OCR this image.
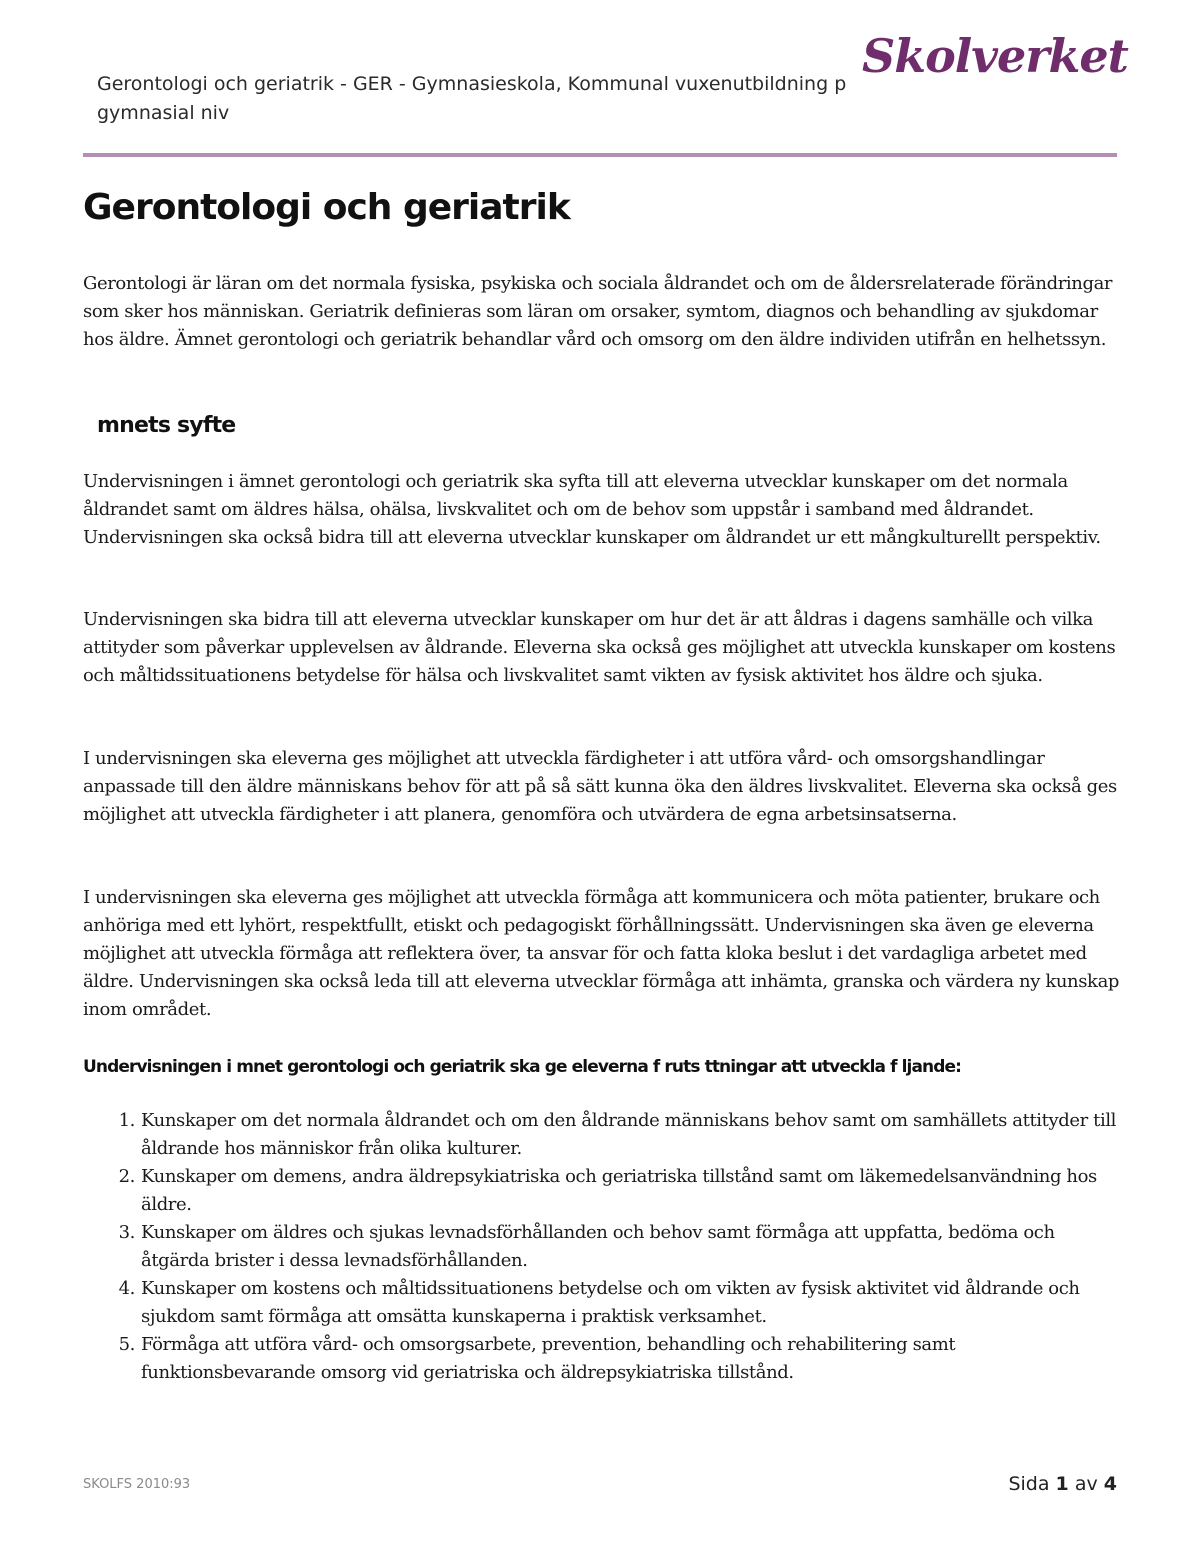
Gerontologi och geriatrik - GER - Gymnasieskola, Kommunal vuxenutbildning p gymnasial niv
Skolverket
Gerontologi och geriatrik

Gerontologi är läran om det normala fysiska, psykiska och sociala åldrandet och om de åldersrelaterade förändringar som sker hos människan. Geriatrik definieras som läran om orsaker, symtom, diagnos och behandling av sjukdomar hos äldre. Ämnet gerontologi och geriatrik behandlar vård och omsorg om den äldre individen utifrån en helhetssyn.

mnets syfte

Undervisningen i ämnet gerontologi och geriatrik ska syfta till att eleverna utvecklar kunskaper om det normala åldrandet samt om äldres hälsa, ohälsa, livskvalitet och om de behov som uppstår i samband med åldrandet. Undervisningen ska också bidra till att eleverna utvecklar kunskaper om åldrandet ur ett mångkulturellt perspektiv.

Undervisningen ska bidra till att eleverna utvecklar kunskaper om hur det är att åldras i dagens samhälle och vilka attityder som påverkar upplevelsen av åldrande. Eleverna ska också ges möjlighet att utveckla kunskaper om kostens och måltidssituationens betydelse för hälsa och livskvalitet samt vikten av fysisk aktivitet hos äldre och sjuka.

I undervisningen ska eleverna ges möjlighet att utveckla färdigheter i att utföra vård- och omsorgshandlingar anpassade till den äldre människans behov för att på så sätt kunna öka den äldres livskvalitet. Eleverna ska också ges möjlighet att utveckla färdigheter i att planera, genomföra och utvärdera de egna arbetsinsatserna.

I undervisningen ska eleverna ges möjlighet att utveckla förmåga att kommunicera och möta patienter, brukare och anhöriga med ett lyhört, respektfullt, etiskt och pedagogiskt förhållningssätt. Undervisningen ska även ge eleverna möjlighet att utveckla förmåga att reflektera över, ta ansvar för och fatta kloka beslut i det vardagliga arbetet med äldre. Undervisningen ska också leda till att eleverna utvecklar förmåga att inhämta, granska och värdera ny kunskap inom området.

Undervisningen i mnet gerontologi och geriatrik ska ge eleverna f ruts ttningar att utveckla f ljande:

1. Kunskaper om det normala åldrandet och om den åldrande människans behov samt om samhällets attityder till åldrande hos människor från olika kulturer.
2. Kunskaper om demens, andra äldrepsykiatriska och geriatriska tillstånd samt om läkemedelsanvändning hos äldre.
3. Kunskaper om äldres och sjukas levnadsförhållanden och behov samt förmåga att uppfatta, bedöma och åtgärda brister i dessa levnadsförhållanden.
4. Kunskaper om kostens och måltidssituationens betydelse och om vikten av fysisk aktivitet vid åldrande och sjukdom samt förmåga att omsätta kunskaperna i praktisk verksamhet.
5. Förmåga att utföra vård- och omsorgsarbete, prevention, behandling och rehabilitering samt funktionsbevarande omsorg vid geriatriska och äldrepsykiatriska tillstånd.
SKOLFS 2010:93	Sida 1 av 4
